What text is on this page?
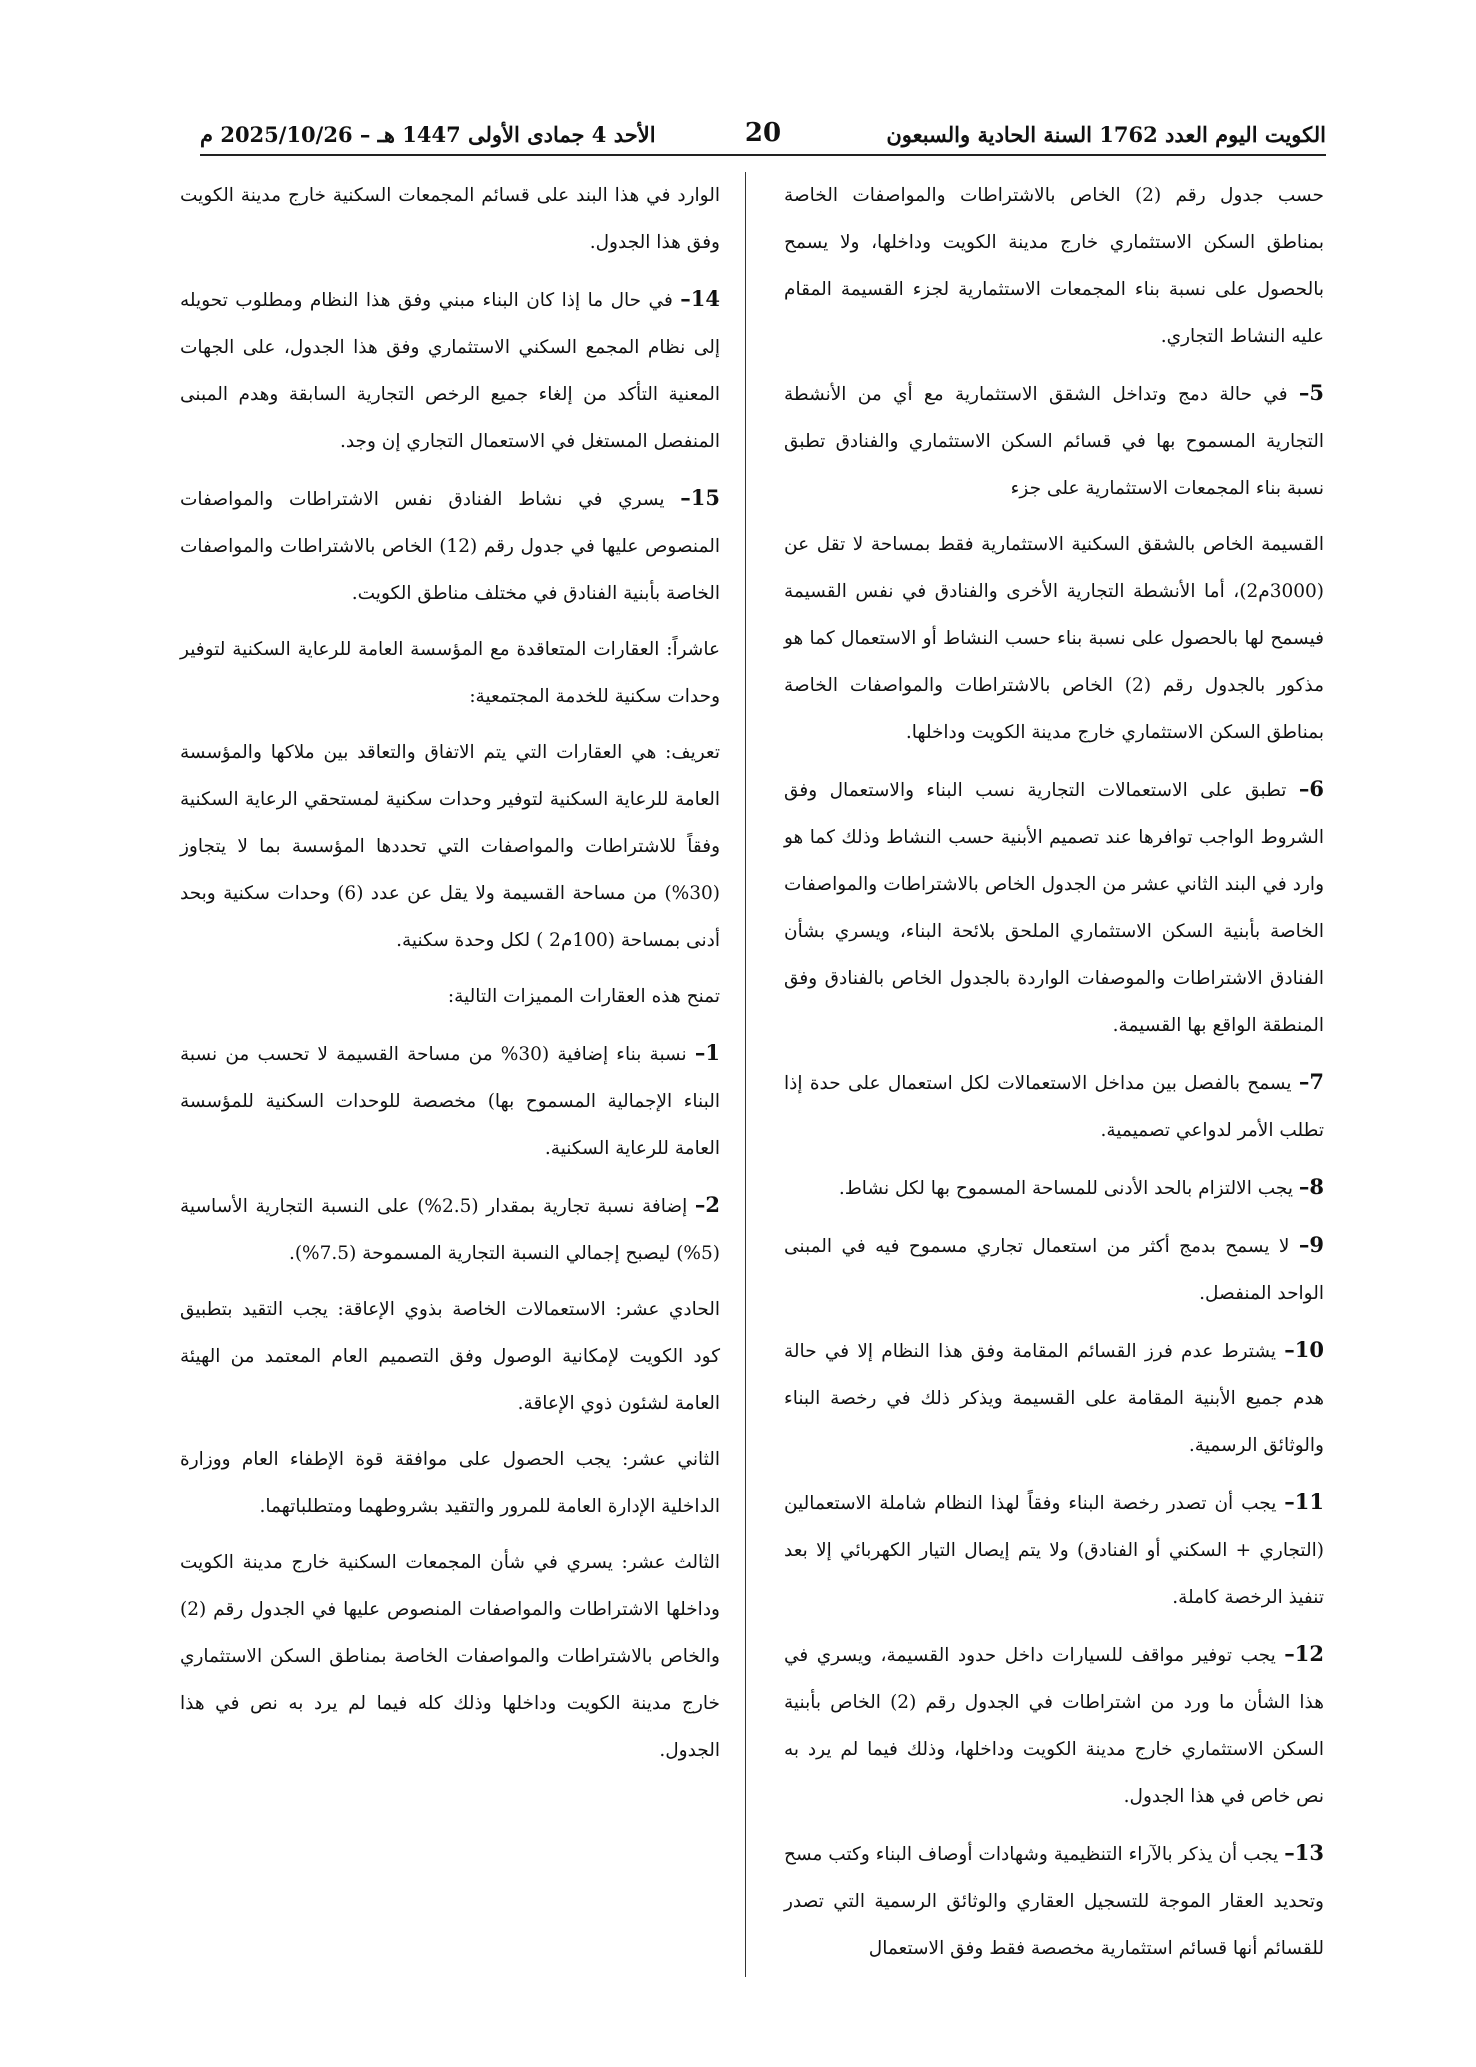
الكويت اليوم العدد 1762 السنة الحادية والسبعون
20
الأحد 4 جمادى الأولى 1447 هـ – 2025/10/26 م

حسب جدول رقم (2) الخاص بالاشتراطات والمواصفات الخاصة بمناطق السكن الاستثماري خارج مدينة الكويت وداخلها، ولا يسمح بالحصول على نسبة بناء المجمعات الاستثمارية لجزء القسيمة المقام عليه النشاط التجاري.

5– في حالة دمج وتداخل الشقق الاستثمارية مع أي من الأنشطة التجارية المسموح بها في قسائم السكن الاستثماري والفنادق تطبق نسبة بناء المجمعات الاستثمارية على جزء

القسيمة الخاص بالشقق السكنية الاستثمارية فقط بمساحة لا تقل عن (3000م2)، أما الأنشطة التجارية الأخرى والفنادق في نفس القسيمة فيسمح لها بالحصول على نسبة بناء حسب النشاط أو الاستعمال كما هو مذكور بالجدول رقم (2) الخاص بالاشتراطات والمواصفات الخاصة بمناطق السكن الاستثماري خارج مدينة الكويت وداخلها.

6– تطبق على الاستعمالات التجارية نسب البناء والاستعمال وفق الشروط الواجب توافرها عند تصميم الأبنية حسب النشاط وذلك كما هو وارد في البند الثاني عشر من الجدول الخاص بالاشتراطات والمواصفات الخاصة بأبنية السكن الاستثماري الملحق بلائحة البناء، ويسري بشأن الفنادق الاشتراطات والموصفات الواردة بالجدول الخاص بالفنادق وفق المنطقة الواقع بها القسيمة.

7– يسمح بالفصل بين مداخل الاستعمالات لكل استعمال على حدة إذا تطلب الأمر لدواعي تصميمية.

8– يجب الالتزام بالحد الأدنى للمساحة المسموح بها لكل نشاط.

9– لا يسمح بدمج أكثر من استعمال تجاري مسموح فيه في المبنى الواحد المنفصل.

10– يشترط عدم فرز القسائم المقامة وفق هذا النظام إلا في حالة هدم جميع الأبنية المقامة على القسيمة ويذكر ذلك في رخصة البناء والوثائق الرسمية.

11– يجب أن تصدر رخصة البناء وفقاً لهذا النظام شاملة الاستعمالين (التجاري + السكني أو الفنادق) ولا يتم إيصال التيار الكهربائي إلا بعد تنفيذ الرخصة كاملة.

12– يجب توفير مواقف للسيارات داخل حدود القسيمة، ويسري في هذا الشأن ما ورد من اشتراطات في الجدول رقم (2) الخاص بأبنية السكن الاستثماري خارج مدينة الكويت وداخلها، وذلك فيما لم يرد به نص خاص في هذا الجدول.

13– يجب أن يذكر بالآراء التنظيمية وشهادات أوصاف البناء وكتب مسح وتحديد العقار الموجة للتسجيل العقاري والوثائق الرسمية التي تصدر للقسائم أنها قسائم استثمارية مخصصة فقط وفق الاستعمال

الوارد في هذا البند على قسائم المجمعات السكنية خارج مدينة الكويت وفق هذا الجدول.

14– في حال ما إذا كان البناء مبني وفق هذا النظام ومطلوب تحويله إلى نظام المجمع السكني الاستثماري وفق هذا الجدول، على الجهات المعنية التأكد من إلغاء جميع الرخص التجارية السابقة وهدم المبنى المنفصل المستغل في الاستعمال التجاري إن وجد.

15– يسري في نشاط الفنادق نفس الاشتراطات والمواصفات المنصوص عليها في جدول رقم (12) الخاص بالاشتراطات والمواصفات الخاصة بأبنية الفنادق في مختلف مناطق الكويت.

عاشراً: العقارات المتعاقدة مع المؤسسة العامة للرعاية السكنية لتوفير وحدات سكنية للخدمة المجتمعية:

تعريف: هي العقارات التي يتم الاتفاق والتعاقد بين ملاكها والمؤسسة العامة للرعاية السكنية لتوفير وحدات سكنية لمستحقي الرعاية السكنية وفقاً للاشتراطات والمواصفات التي تحددها المؤسسة بما لا يتجاوز (30%) من مساحة القسيمة ولا يقل عن عدد (6) وحدات سكنية وبحد أدنى بمساحة (100م2 ) لكل وحدة سكنية.

تمنح هذه العقارات المميزات التالية:

1– نسبة بناء إضافية (30% من مساحة القسيمة لا تحسب من نسبة البناء الإجمالية المسموح بها) مخصصة للوحدات السكنية للمؤسسة العامة للرعاية السكنية.

2– إضافة نسبة تجارية بمقدار (2.5%) على النسبة التجارية الأساسية (5%) ليصبح إجمالي النسبة التجارية المسموحة (7.5%).

الحادي عشر: الاستعمالات الخاصة بذوي الإعاقة: يجب التقيد بتطبيق كود الكويت لإمكانية الوصول وفق التصميم العام المعتمد من الهيئة العامة لشئون ذوي الإعاقة.

الثاني عشر: يجب الحصول على موافقة قوة الإطفاء العام ووزارة الداخلية الإدارة العامة للمرور والتقيد بشروطهما ومتطلباتهما.

الثالث عشر: يسري في شأن المجمعات السكنية خارج مدينة الكويت وداخلها الاشتراطات والمواصفات المنصوص عليها في الجدول رقم (2) والخاص بالاشتراطات والمواصفات الخاصة بمناطق السكن الاستثماري خارج مدينة الكويت وداخلها وذلك كله فيما لم يرد به نص في هذا الجدول.
